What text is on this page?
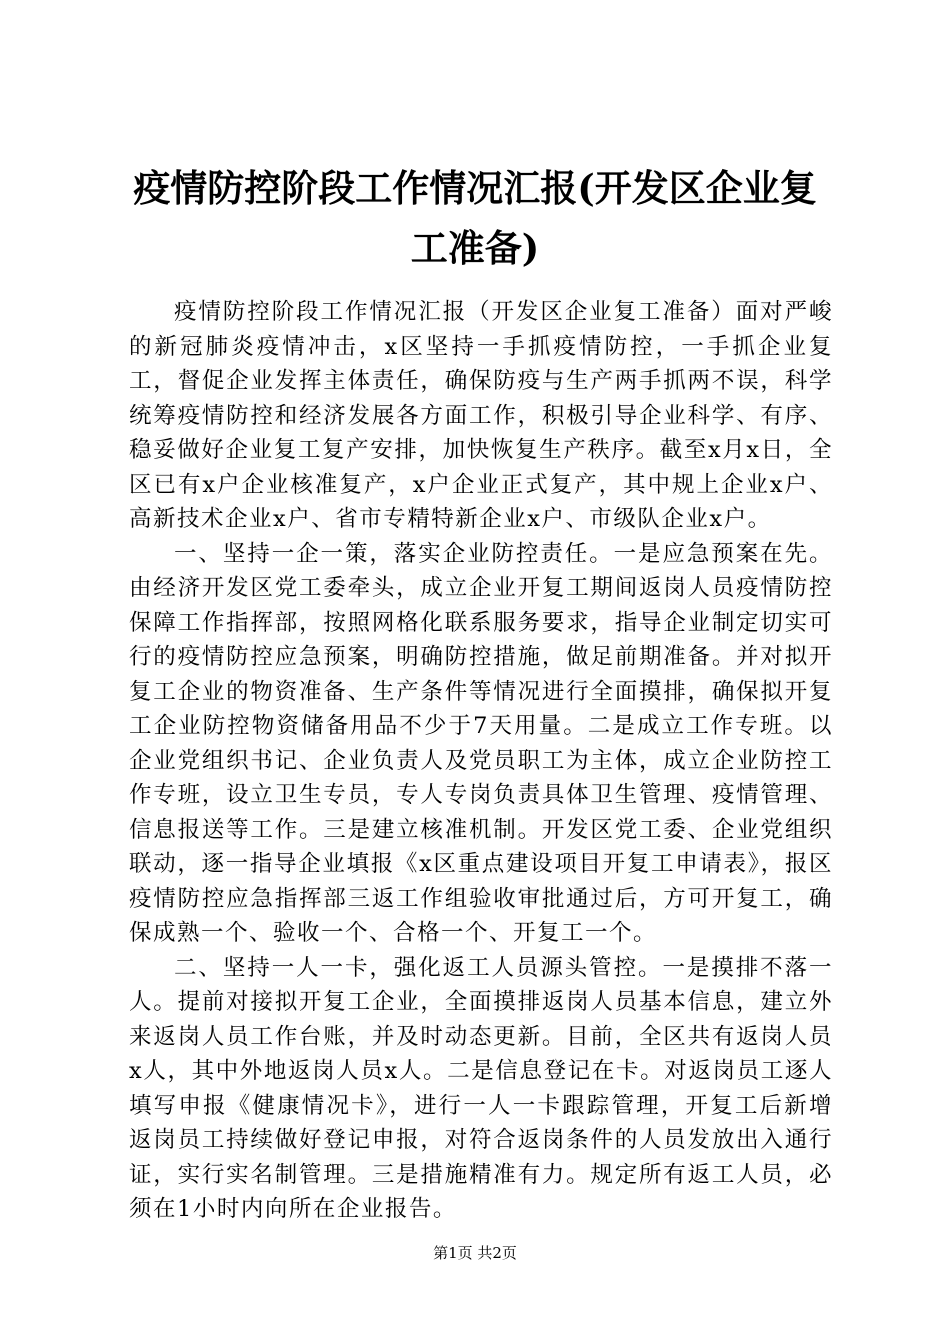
疫情防控阶段工作情况汇报(开发区企业复工准备)

疫情防控阶段工作情况汇报（开发区企业复工准备）面对严峻的新冠肺炎疫情冲击，x区坚持一手抓疫情防控，一手抓企业复工，督促企业发挥主体责任，确保防疫与生产两手抓两不误，科学统筹疫情防控和经济发展各方面工作，积极引导企业科学、有序、稳妥做好企业复工复产安排，加快恢复生产秩序。截至x月x日，全区已有x户企业核准复产，x户企业正式复产，其中规上企业x户、高新技术企业x户、省市专精特新企业x户、市级队企业x户。

一、坚持一企一策，落实企业防控责任。一是应急预案在先。由经济开发区党工委牵头，成立企业开复工期间返岗人员疫情防控保障工作指挥部，按照网格化联系服务要求，指导企业制定切实可行的疫情防控应急预案，明确防控措施，做足前期准备。并对拟开复工企业的物资准备、生产条件等情况进行全面摸排，确保拟开复工企业防控物资储备用品不少于7天用量。二是成立工作专班。以企业党组织书记、企业负责人及党员职工为主体，成立企业防控工作专班，设立卫生专员，专人专岗负责具体卫生管理、疫情管理、信息报送等工作。三是建立核准机制。开发区党工委、企业党组织联动，逐一指导企业填报《x区重点建设项目开复工申请表》，报区疫情防控应急指挥部三返工作组验收审批通过后，方可开复工，确保成熟一个、验收一个、合格一个、开复工一个。

二、坚持一人一卡，强化返工人员源头管控。一是摸排不落一人。提前对接拟开复工企业，全面摸排返岗人员基本信息，建立外来返岗人员工作台账，并及时动态更新。目前，全区共有返岗人员x人，其中外地返岗人员x人。二是信息登记在卡。对返岗员工逐人填写申报《健康情况卡》，进行一人一卡跟踪管理，开复工后新增返岗员工持续做好登记申报，对符合返岗条件的人员发放出入通行证，实行实名制管理。三是措施精准有力。规定所有返工人员，必须在1小时内向所在企业报告。

第1页 共2页
